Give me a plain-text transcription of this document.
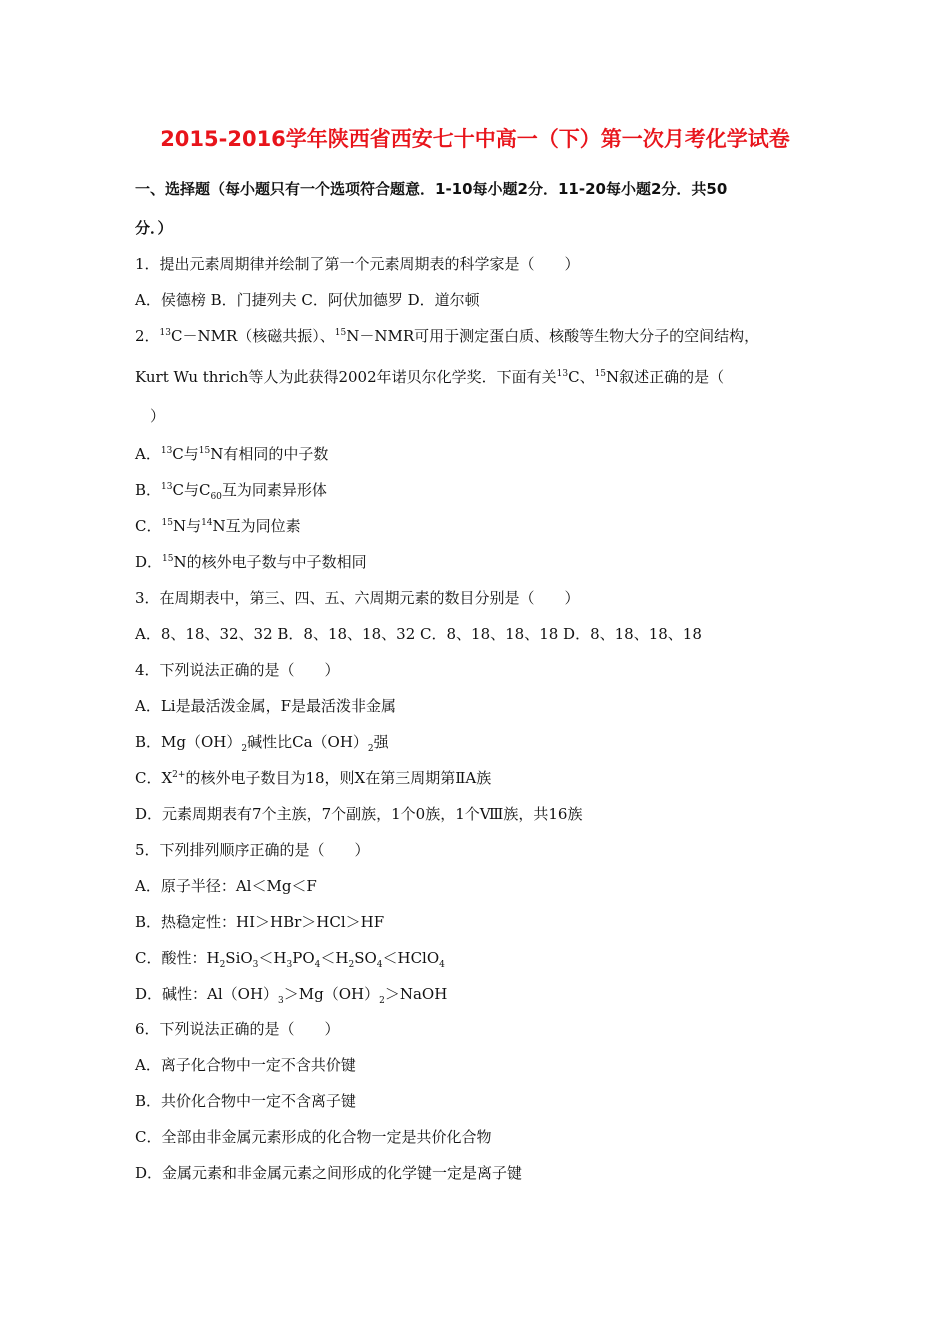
2015-2016学年陕西省西安七十中高一（下）第一次月考化学试卷
一、选择题（每小题只有一个选项符合题意．1-10每小题2分．11-20每小题2分．共50
分．）
1．提出元素周期律并绘制了第一个元素周期表的科学家是（　　）
A．侯德榜 B．门捷列夫 C．阿伏加德罗 D．道尔顿
2．$^{13}$C－NMR（核磁共振）、$^{15}$N－NMR可用于测定蛋白质、核酸等生物大分子的空间结构，
Kurt Wu thrich等人为此获得2002年诺贝尔化学奖．下面有关$^{13}$C、$^{15}$N叙述正确的是（
）
A．$^{13}$C与$^{15}$N有相同的中子数
B．$^{13}$C与$C_{60}$互为同素异形体
C．$^{15}$N与$^{14}$N互为同位素
D．$^{15}$N的核外电子数与中子数相同
3．在周期表中，第三、四、五、六周期元素的数目分别是（　　）
A．8、18、32、32 B．8、18、18、32 C．8、18、18、18 D．8、18、18、18
4．下列说法正确的是（　　）
A．Li是最活泼金属，F是最活泼非金属
B．$Mg(OH)_2$碱性比$Ca(OH)_2$强
C．$X^{2+}$的核外电子数目为18，则X在第三周期第ⅡA族
D．元素周期表有7个主族，7个副族，1个0族，1个Ⅷ族，共16族
5．下列排列顺序正确的是（　　）
A．原子半径：Al＜Mg＜F
B．热稳定性：HI＞HBr＞HCl＞HF
C．酸性：$H_2SiO_3<H_3PO_4<H_2SO_4<HClO_4$
D．碱性：$Al(OH)_3>Mg(OH)_2>NaOH$
6．下列说法正确的是（　　）
A．离子化合物中一定不含共价键
B．共价化合物中一定不含离子键
C．全部由非金属元素形成的化合物一定是共价化合物
D．金属元素和非金属元素之间形成的化学键一定是离子键
